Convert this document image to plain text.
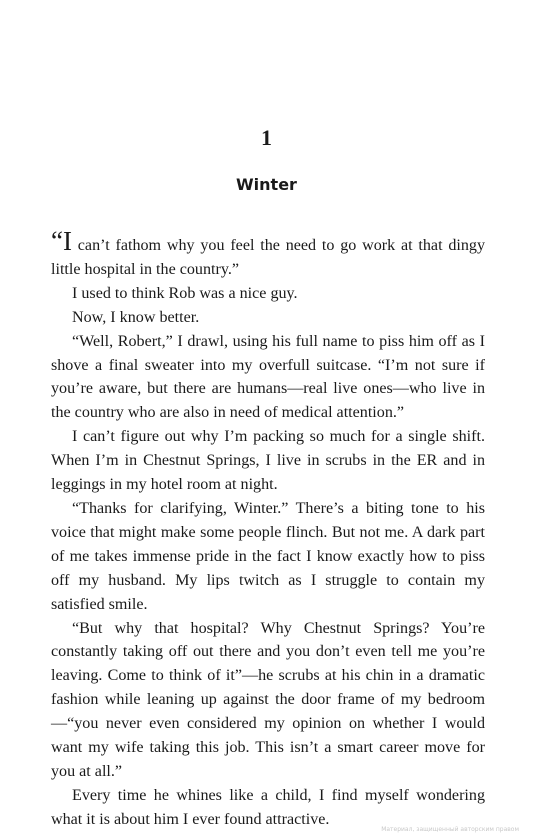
1
Winter

“I can’t fathom why you feel the need to go work at that dingy little hospital in the country.”

I used to think Rob was a nice guy.

Now, I know better.

“Well, Robert,” I drawl, using his full name to piss him off as I shove a final sweater into my overfull suitcase. “I’m not sure if you’re aware, but there are humans—real live ones—who live in the country who are also in need of medical attention.”

I can’t figure out why I’m packing so much for a single shift. When I’m in Chestnut Springs, I live in scrubs in the ER and in leggings in my hotel room at night.

“Thanks for clarifying, Winter.” There’s a biting tone to his voice that might make some people flinch. But not me. A dark part of me takes immense pride in the fact I know exactly how to piss off my husband. My lips twitch as I struggle to contain my satisfied smile.

“But why that hospital? Why Chestnut Springs? You’re constantly taking off out there and you don’t even tell me you’re leaving. Come to think of it”—he scrubs at his chin in a dramatic fashion while leaning up against the door frame of my bedroom —“you never even considered my opinion on whether I would want my wife taking this job. This isn’t a smart career move for you at all.”

Every time he whines like a child, I find myself wondering what it is about him I ever found attractive.

Материал, защищенный авторским правом
